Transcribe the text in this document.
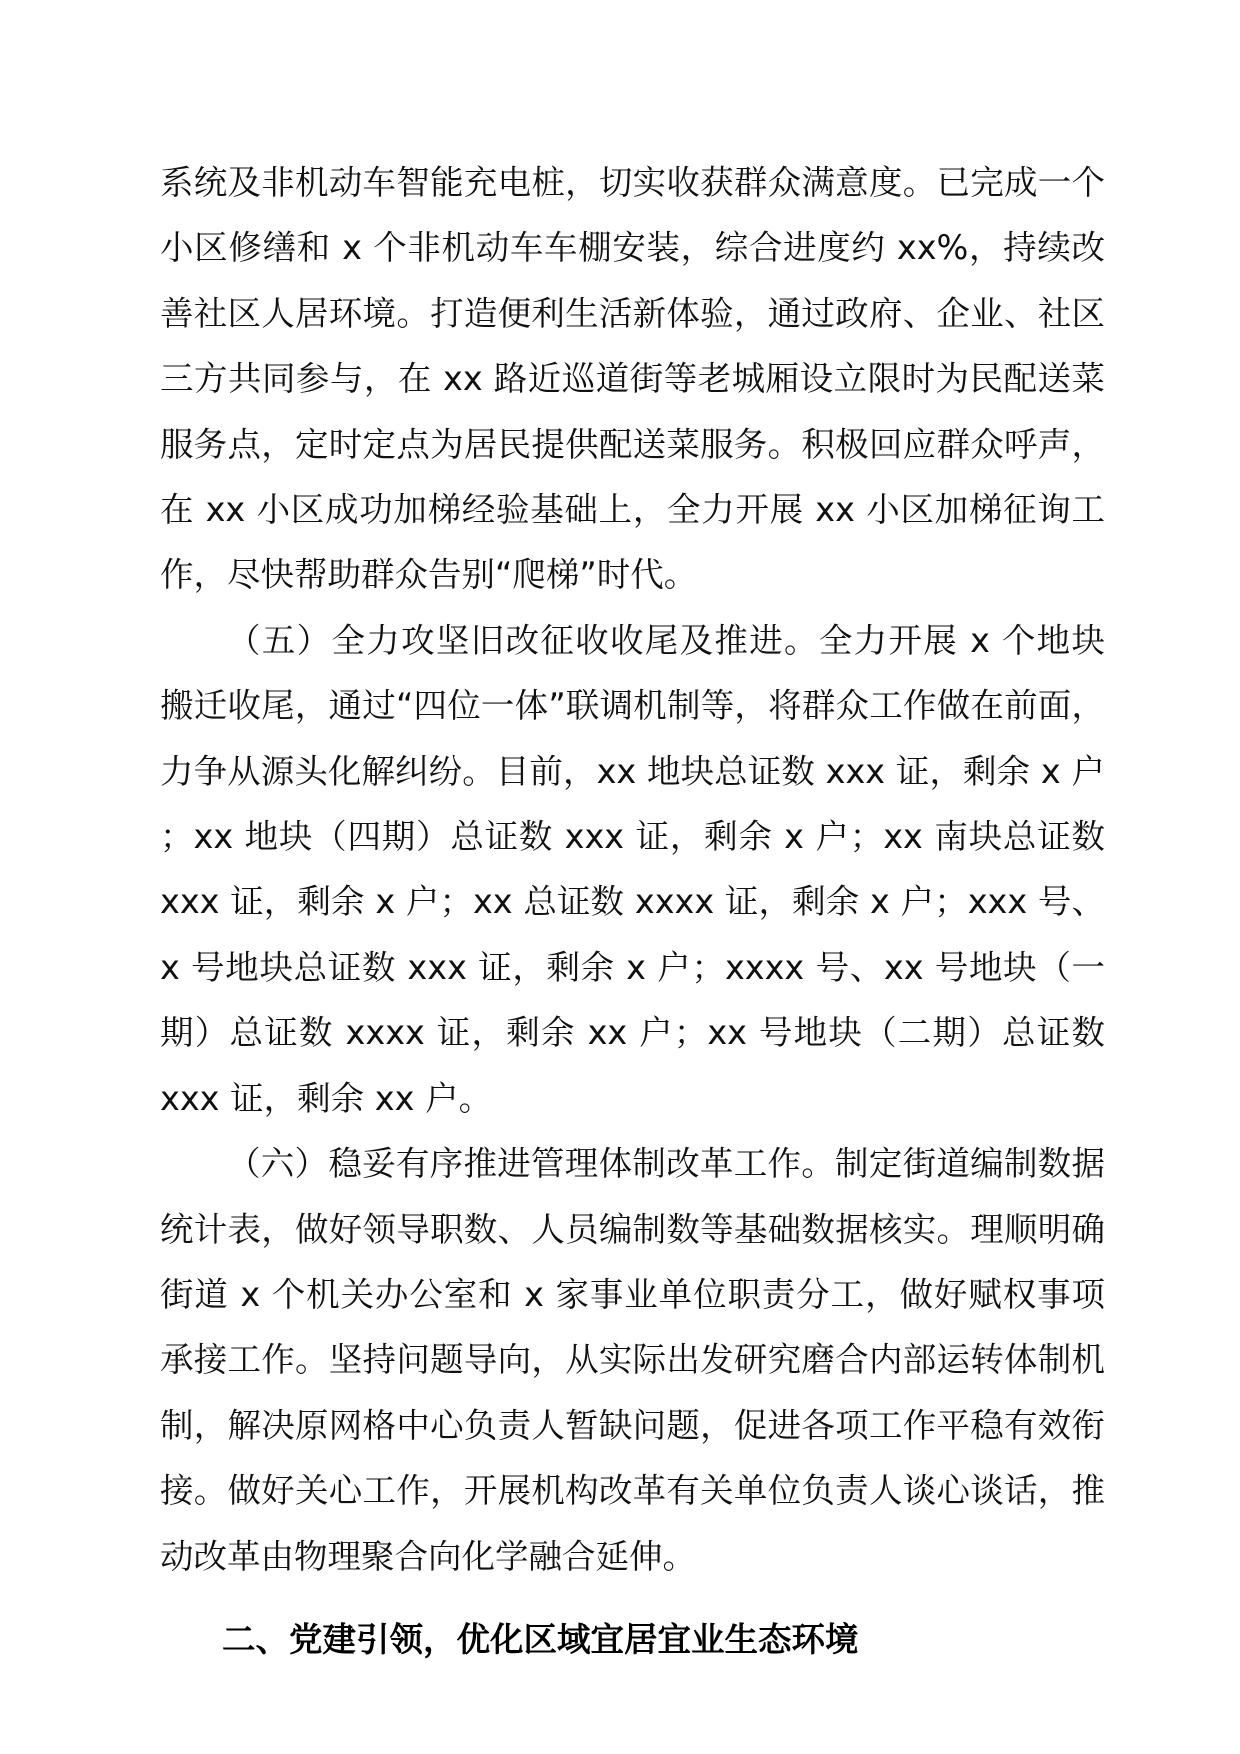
系统及非机动车智能充电桩，切实收获群众满意度。已完成一个小区修缮和 x 个非机动车车棚安装，综合进度约 xx%，持续改善社区人居环境。打造便利生活新体验，通过政府、企业、社区三方共同参与，在 xx 路近巡道街等老城厢设立限时为民配送菜服务点，定时定点为居民提供配送菜服务。积极回应群众呼声，在 xx 小区成功加梯经验基础上，全力开展 xx 小区加梯征询工作，尽快帮助群众告别“爬梯”时代。

（五）全力攻坚旧改征收收尾及推进。全力开展 x 个地块搬迁收尾，通过“四位一体”联调机制等，将群众工作做在前面，力争从源头化解纠纷。目前，xx 地块总证数 xxx 证，剩余 x 户；xx 地块（四期）总证数 xxx 证，剩余 x 户；xx 南块总证数 xxx 证，剩余 x 户；xx 总证数 xxxx 证，剩余 x 户；xxx 号、x 号地块总证数 xxx 证，剩余 x 户；xxxx 号、xx 号地块（一期）总证数 xxxx 证，剩余 xx 户；xx 号地块（二期）总证数 xxx 证，剩余 xx 户。

（六）稳妥有序推进管理体制改革工作。制定街道编制数据统计表，做好领导职数、人员编制数等基础数据核实。理顺明确街道 x 个机关办公室和 x 家事业单位职责分工，做好赋权事项承接工作。坚持问题导向，从实际出发研究磨合内部运转体制机制，解决原网格中心负责人暂缺问题，促进各项工作平稳有效衔接。做好关心工作，开展机构改革有关单位负责人谈心谈话，推动改革由物理聚合向化学融合延伸。

二、党建引领，优化区域宜居宜业生态环境
